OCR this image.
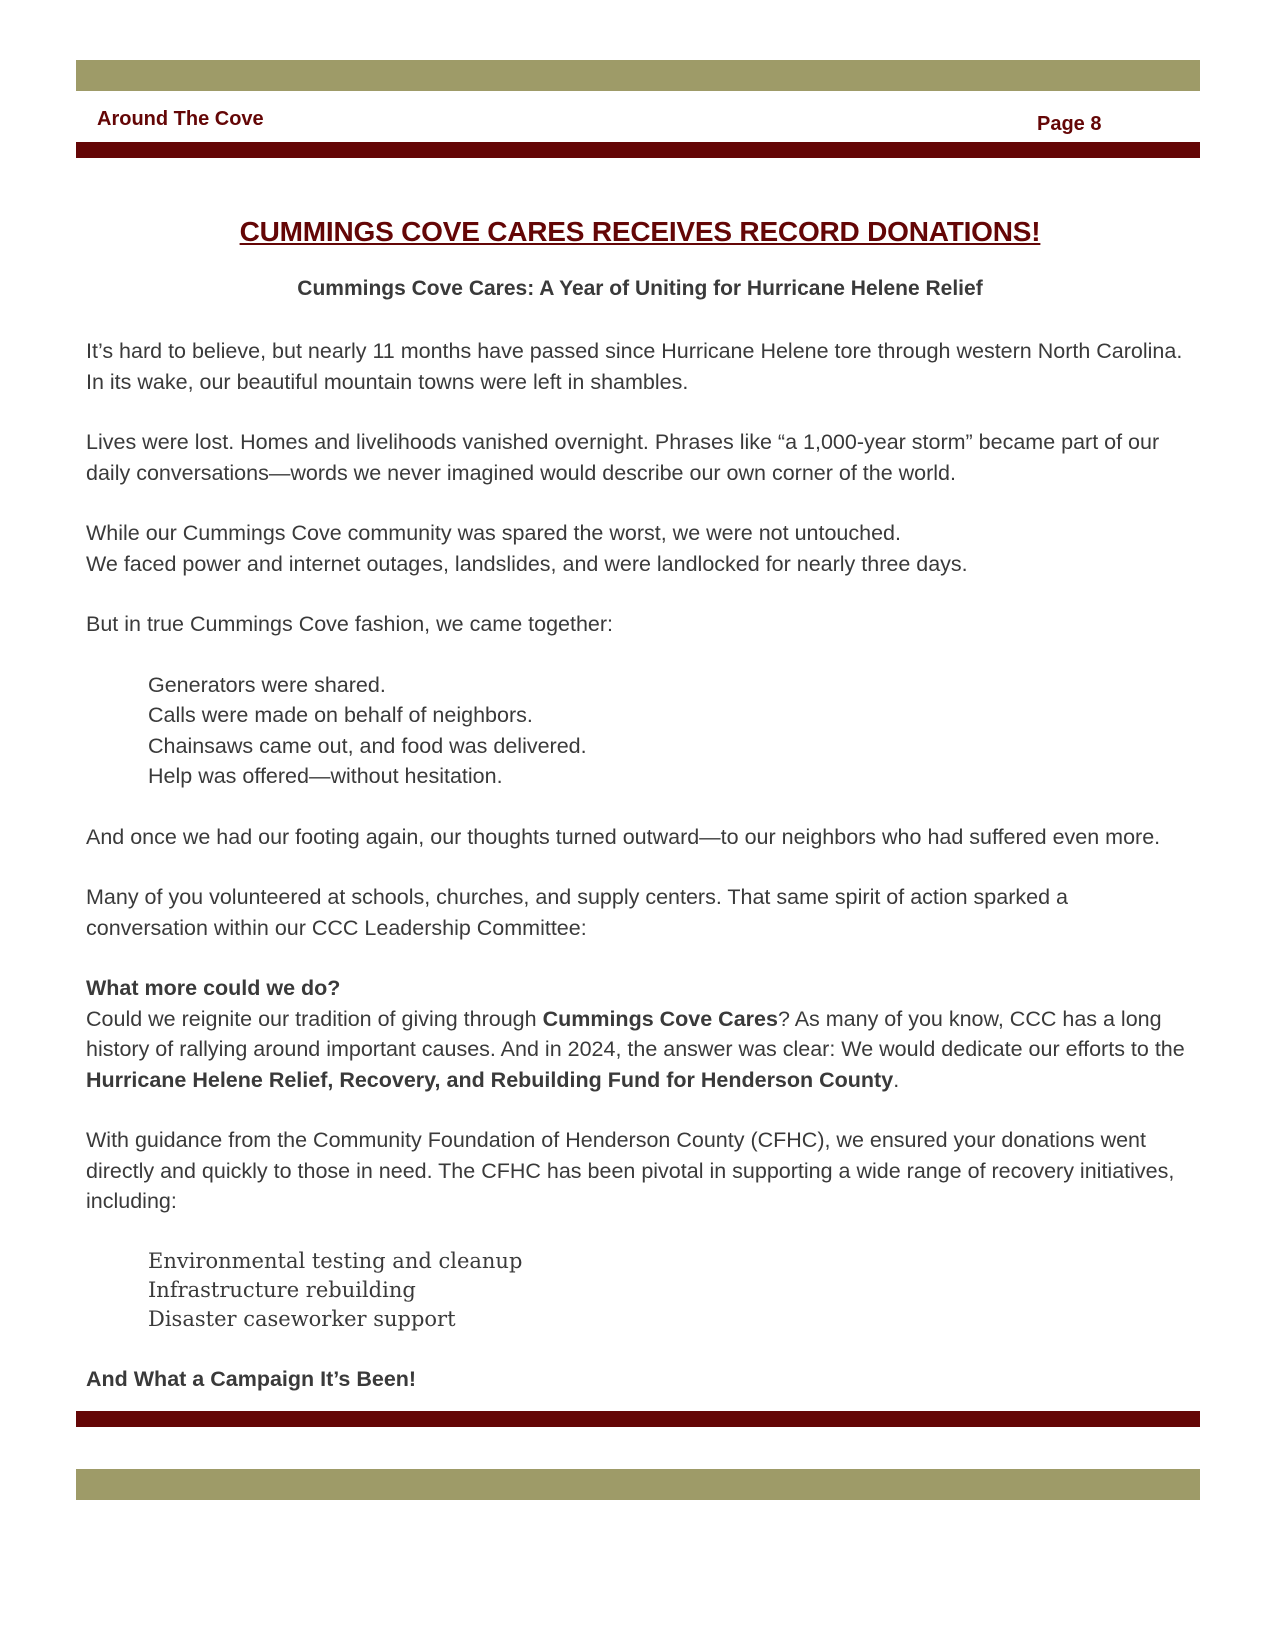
Around The Cove	Page 8

CUMMINGS COVE CARES RECEIVES RECORD DONATIONS!
Cummings Cove Cares: A Year of Uniting for Hurricane Helene Relief

It’s hard to believe, but nearly 11 months have passed since Hurricane Helene tore through western North Carolina. In its wake, our beautiful mountain towns were left in shambles.

Lives were lost. Homes and livelihoods vanished overnight. Phrases like “a 1,000-year storm” became part of our daily conversations—words we never imagined would describe our own corner of the world.

While our Cummings Cove community was spared the worst, we were not untouched.

We faced power and internet outages, landslides, and were landlocked for nearly three days.

But in true Cummings Cove fashion, we came together:

Generators were shared.
Calls were made on behalf of neighbors.
Chainsaws came out, and food was delivered.
Help was offered—without hesitation.

And once we had our footing again, our thoughts turned outward—to our neighbors who had suffered even more.

Many of you volunteered at schools, churches, and supply centers. That same spirit of action sparked a conversation within our CCC Leadership Committee:

What more could we do?

Could we reignite our tradition of giving through Cummings Cove Cares? As many of you know, CCC has a long history of rallying around important causes. And in 2024, the answer was clear: We would dedicate our efforts to the Hurricane Helene Relief, Recovery, and Rebuilding Fund for Henderson County.

With guidance from the Community Foundation of Henderson County (CFHC), we ensured your donations went directly and quickly to those in need. The CFHC has been pivotal in supporting a wide range of recovery initiatives, including:

Environmental testing and cleanup
Infrastructure rebuilding
Disaster caseworker support

And What a Campaign It’s Been!
